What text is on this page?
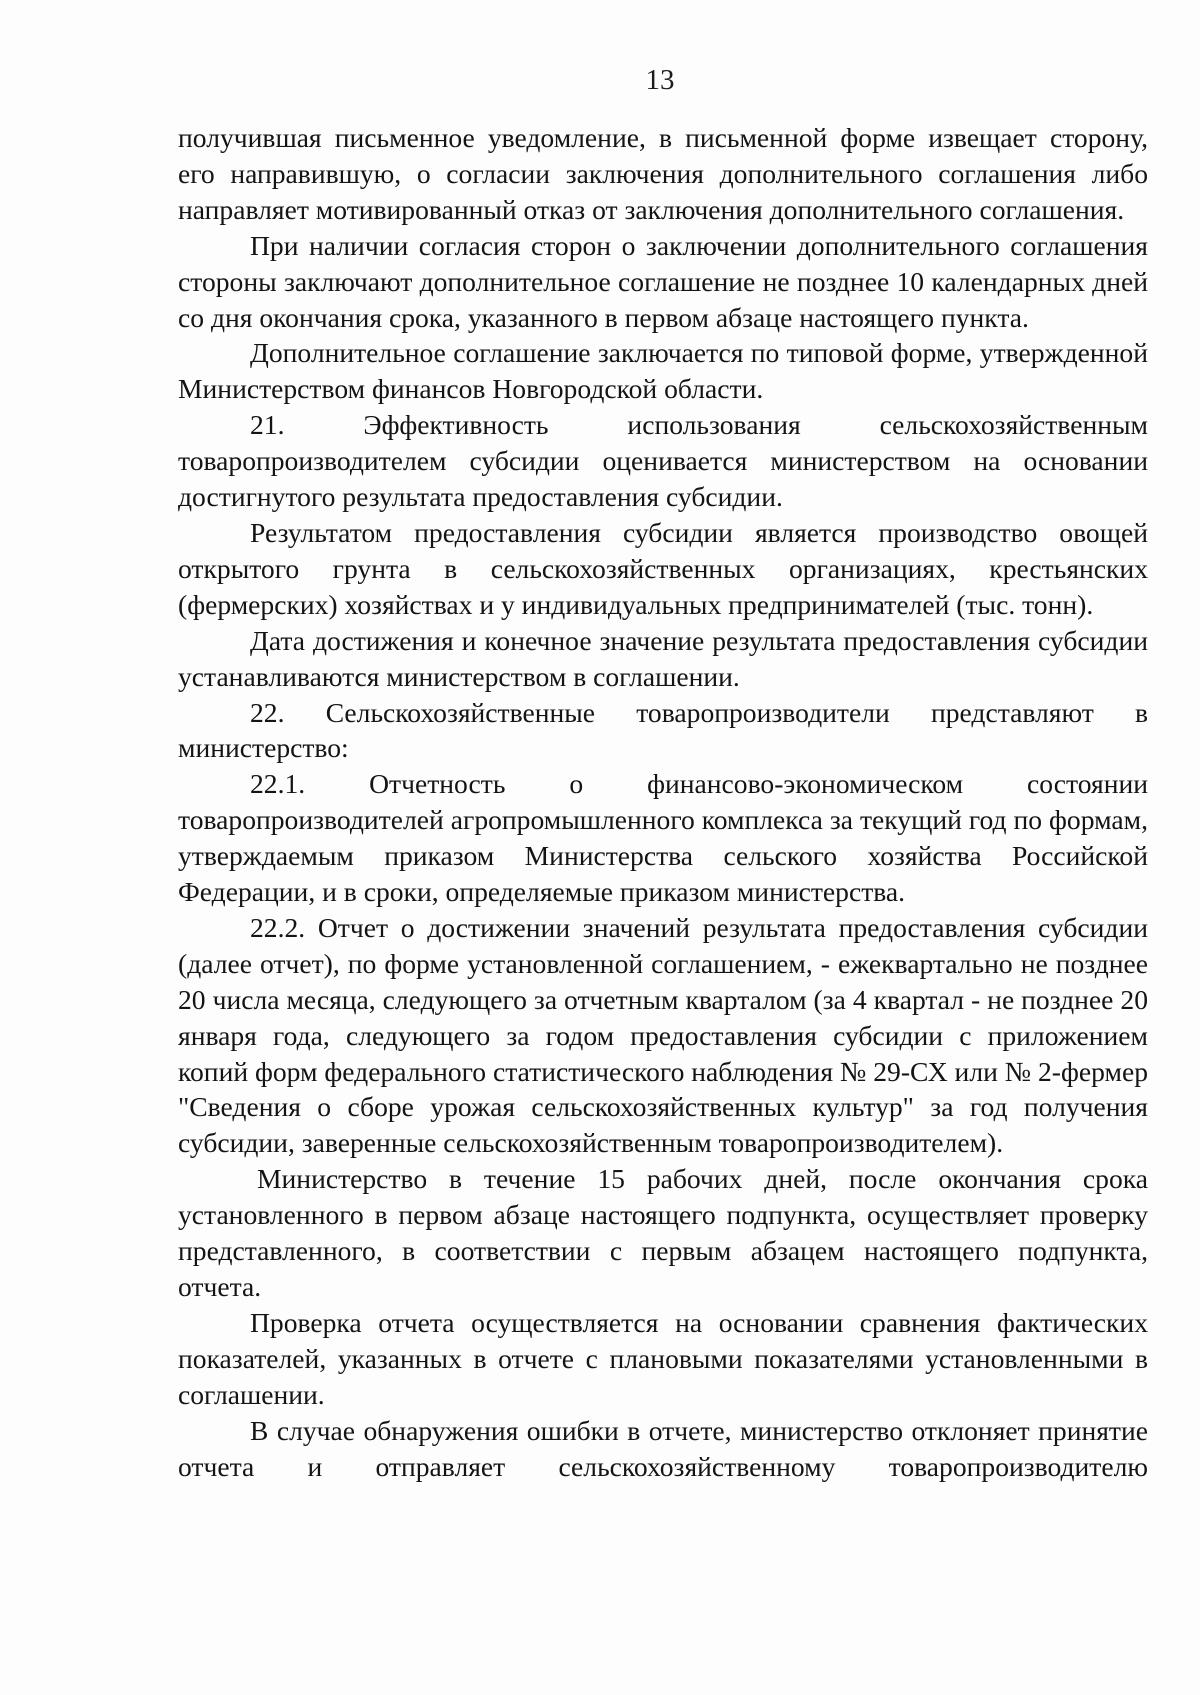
13

получившая письменное уведомление, в письменной форме извещает сторону, его направившую, о согласии заключения дополнительного соглашения либо направляет мотивированный отказ от заключения дополнительного соглашения.

При наличии согласия сторон о заключении дополнительного соглашения стороны заключают дополнительное соглашение не позднее 10 календарных дней со дня окончания срока, указанного в первом абзаце настоящего пункта.

Дополнительное соглашение заключается по типовой форме, утвержденной Министерством финансов Новгородской области.

21. Эффективность использования сельскохозяйственным товаропроизводителем субсидии оценивается министерством на основании достигнутого результата предоставления субсидии.

Результатом предоставления субсидии является производство овощей открытого грунта в сельскохозяйственных организациях, крестьянских (фермерских) хозяйствах и у индивидуальных предпринимателей (тыс. тонн).

Дата достижения и конечное значение результата предоставления субсидии устанавливаются министерством в соглашении.

22. Сельскохозяйственные товаропроизводители представляют в министерство:

22.1. Отчетность о финансово-экономическом состоянии товаропроизводителей агропромышленного комплекса за текущий год по формам, утверждаемым приказом Министерства сельского хозяйства Российской Федерации, и в сроки, определяемые приказом министерства.

22.2. Отчет о достижении значений результата предоставления субсидии (далее отчет), по форме установленной соглашением, - ежеквартально не позднее 20 числа месяца, следующего за отчетным кварталом (за 4 квартал - не позднее 20 января года, следующего за годом предоставления субсидии с приложением копий форм федерального статистического наблюдения № 29-СХ или № 2-фермер "Сведения о сборе урожая сельскохозяйственных культур" за год получения субсидии, заверенные сельскохозяйственным товаропроизводителем).

Министерство в течение 15 рабочих дней, после окончания срока установленного в первом абзаце настоящего подпункта, осуществляет проверку представленного, в соответствии с первым абзацем настоящего подпункта, отчета.

Проверка отчета осуществляется на основании сравнения фактических показателей, указанных в отчете с плановыми показателями установленными в соглашении.

В случае обнаружения ошибки в отчете, министерство отклоняет принятие отчета и отправляет сельскохозяйственному товаропроизводителю
